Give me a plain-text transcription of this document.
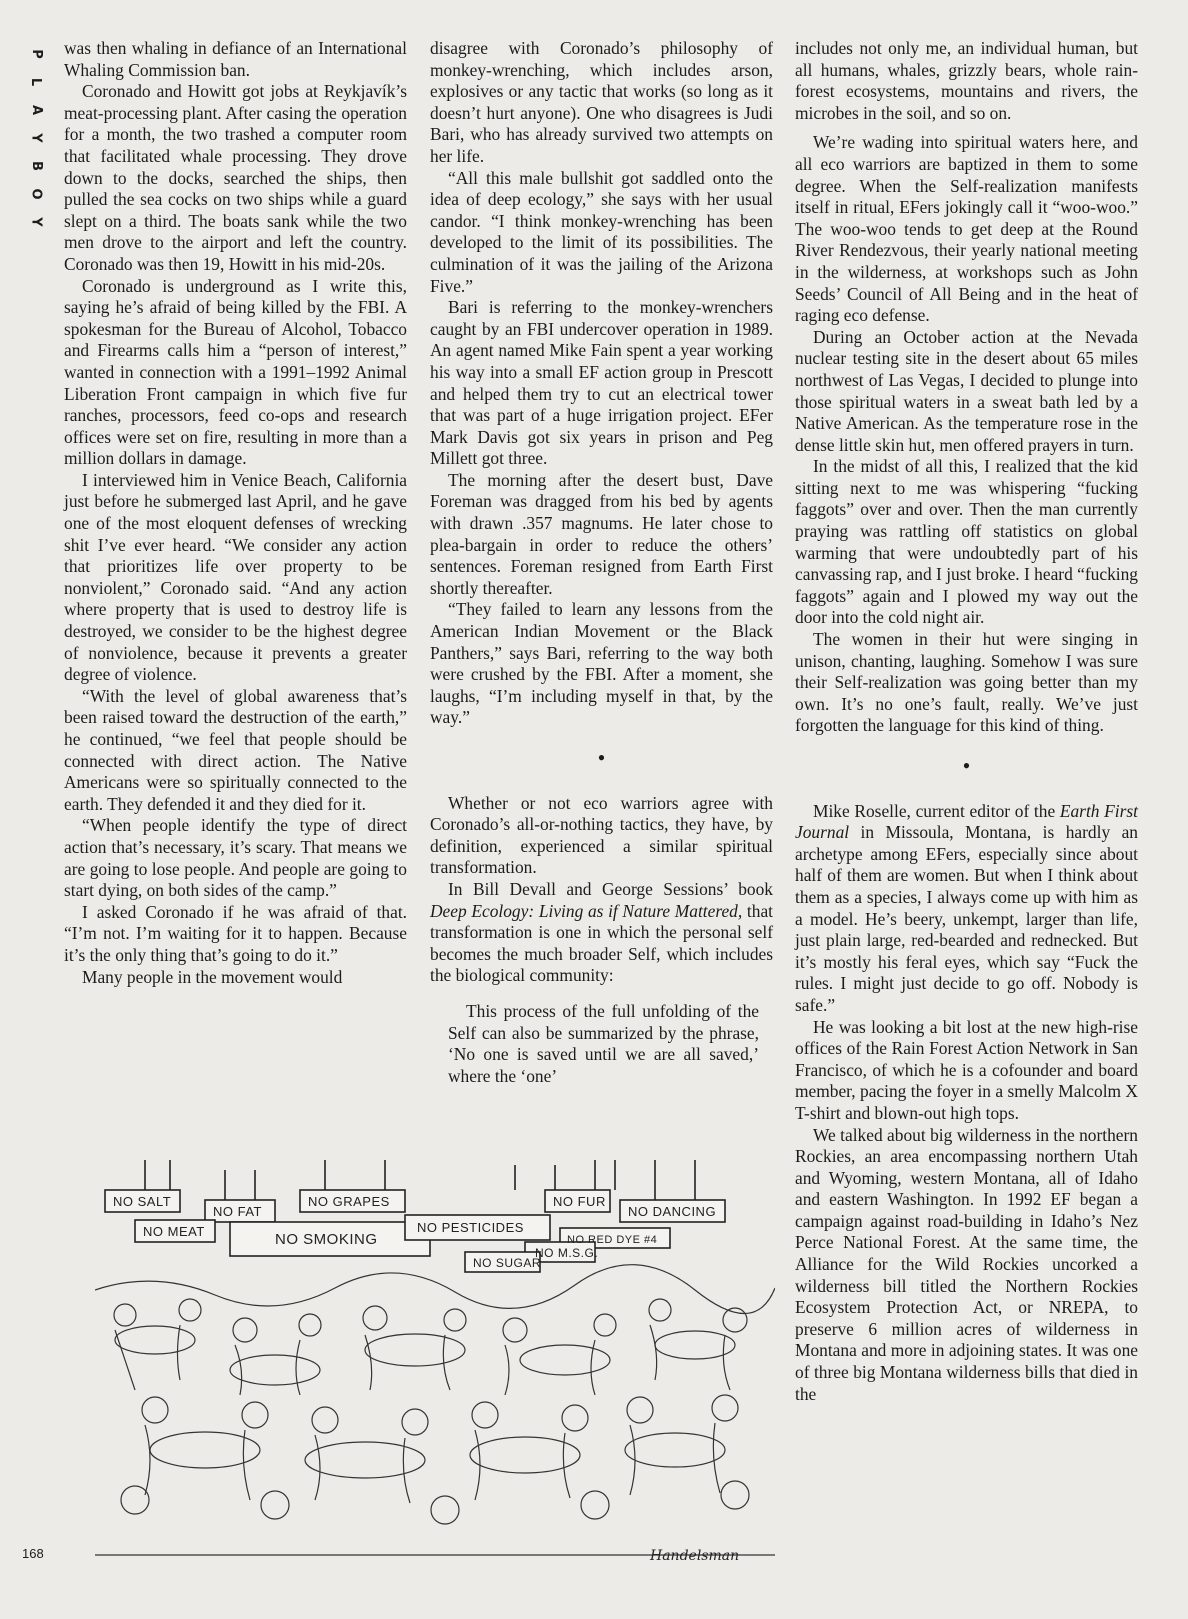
P
L
A
Y
B
O
Y

was then whaling in defiance of an International Whaling Commission ban.

Coronado and Howitt got jobs at Reykjavík’s meat-processing plant. After casing the operation for a month, the two trashed a computer room that facilitated whale processing. They drove down to the docks, searched the ships, then pulled the sea cocks on two ships while a guard slept on a third. The boats sank while the two men drove to the airport and left the country. Coronado was then 19, Howitt in his mid-20s.

Coronado is underground as I write this, saying he’s afraid of being killed by the FBI. A spokesman for the Bureau of Alcohol, Tobacco and Firearms calls him a “person of interest,” wanted in connection with a 1991–1992 Animal Liberation Front campaign in which five fur ranches, processors, feed co-ops and research offices were set on fire, resulting in more than a million dollars in damage.

I interviewed him in Venice Beach, California just before he submerged last April, and he gave one of the most eloquent defenses of wrecking shit I’ve ever heard. “We consider any action that prioritizes life over property to be nonviolent,” Coronado said. “And any action where property that is used to destroy life is destroyed, we consider to be the highest degree of nonviolence, because it prevents a greater degree of violence.

“With the level of global awareness that’s been raised toward the destruction of the earth,” he continued, “we feel that people should be connected with direct action. The Native Americans were so spiritually connected to the earth. They defended it and they died for it.

“When people identify the type of direct action that’s necessary, it’s scary. That means we are going to lose people. And people are going to start dying, on both sides of the camp.”

I asked Coronado if he was afraid of that. “I’m not. I’m waiting for it to happen. Because it’s the only thing that’s going to do it.”

Many people in the movement would

disagree with Coronado’s philosophy of monkey-wrenching, which includes arson, explosives or any tactic that works (so long as it doesn’t hurt anyone). One who disagrees is Judi Bari, who has already survived two attempts on her life.

“All this male bullshit got saddled onto the idea of deep ecology,” she says with her usual candor. “I think monkey-wrenching has been developed to the limit of its possibilities. The culmination of it was the jailing of the Arizona Five.”

Bari is referring to the monkey-wrenchers caught by an FBI undercover operation in 1989. An agent named Mike Fain spent a year working his way into a small EF action group in Prescott and helped them try to cut an electrical tower that was part of a huge irrigation project. EFer Mark Davis got six years in prison and Peg Millett got three.

The morning after the desert bust, Dave Foreman was dragged from his bed by agents with drawn .357 magnums. He later chose to plea-bargain in order to reduce the others’ sentences. Foreman resigned from Earth First shortly thereafter.

“They failed to learn any lessons from the American Indian Movement or the Black Panthers,” says Bari, referring to the way both were crushed by the FBI. After a moment, she laughs, “I’m including myself in that, by the way.”

•

Whether or not eco warriors agree with Coronado’s all-or-nothing tactics, they have, by definition, experienced a similar spiritual transformation.

In Bill Devall and George Sessions’ book Deep Ecology: Living as if Nature Mattered, that transformation is one in which the personal self becomes the much broader Self, which includes the biological community:

This process of the full unfolding of the Self can also be summarized by the phrase, ‘No one is saved until we are all saved,’ where the ‘one’

includes not only me, an individual human, but all humans, whales, grizzly bears, whole rain-forest ecosystems, mountains and rivers, the microbes in the soil, and so on.

We’re wading into spiritual waters here, and all eco warriors are baptized in them to some degree. When the Self-realization manifests itself in ritual, EFers jokingly call it “woo-woo.” The woo-woo tends to get deep at the Round River Rendezvous, their yearly national meeting in the wilderness, at workshops such as John Seeds’ Council of All Being and in the heat of raging eco defense.

During an October action at the Nevada nuclear testing site in the desert about 65 miles northwest of Las Vegas, I decided to plunge into those spiritual waters in a sweat bath led by a Native American. As the temperature rose in the dense little skin hut, men offered prayers in turn.

In the midst of all this, I realized that the kid sitting next to me was whispering “fucking faggots” over and over. Then the man currently praying was rattling off statistics on global warming that were undoubtedly part of his canvassing rap, and I just broke. I heard “fucking faggots” again and I plowed my way out the door into the cold night air.

The women in their hut were singing in unison, chanting, laughing. Somehow I was sure their Self-realization was going better than my own. It’s no one’s fault, really. We’ve just forgotten the language for this kind of thing.

•

Mike Roselle, current editor of the Earth First Journal in Missoula, Montana, is hardly an archetype among EFers, especially since about half of them are women. But when I think about them as a species, I always come up with him as a model. He’s beery, unkempt, larger than life, just plain large, red-bearded and rednecked. But it’s mostly his feral eyes, which say “Fuck the rules. I might just decide to go off. Nobody is safe.”

He was looking a bit lost at the new high-rise offices of the Rain Forest Action Network in San Francisco, of which he is a cofounder and board member, pacing the foyer in a smelly Malcolm X T-shirt and blown-out high tops.

We talked about big wilderness in the northern Rockies, an area encompassing northern Utah and Wyoming, western Montana, all of Idaho and eastern Washington. In 1992 EF began a campaign against road-building in Idaho’s Nez Perce National Forest. At the same time, the Alliance for the Wild Rockies uncorked a wilderness bill titled the Northern Rockies Ecosystem Protection Act, or NREPA, to preserve 6 million acres of wilderness in Montana and more in adjoining states. It was one of three big Montana wilderness bills that died in the

NO SALT
NO FAT
NO GRAPES	NO FUR
NO DANCING
NO MEAT	NO SMOKING
NO PESTICIDES
NO RED DYE #4
NO M.S.G.
NO SUGAR
Handelsman
168
